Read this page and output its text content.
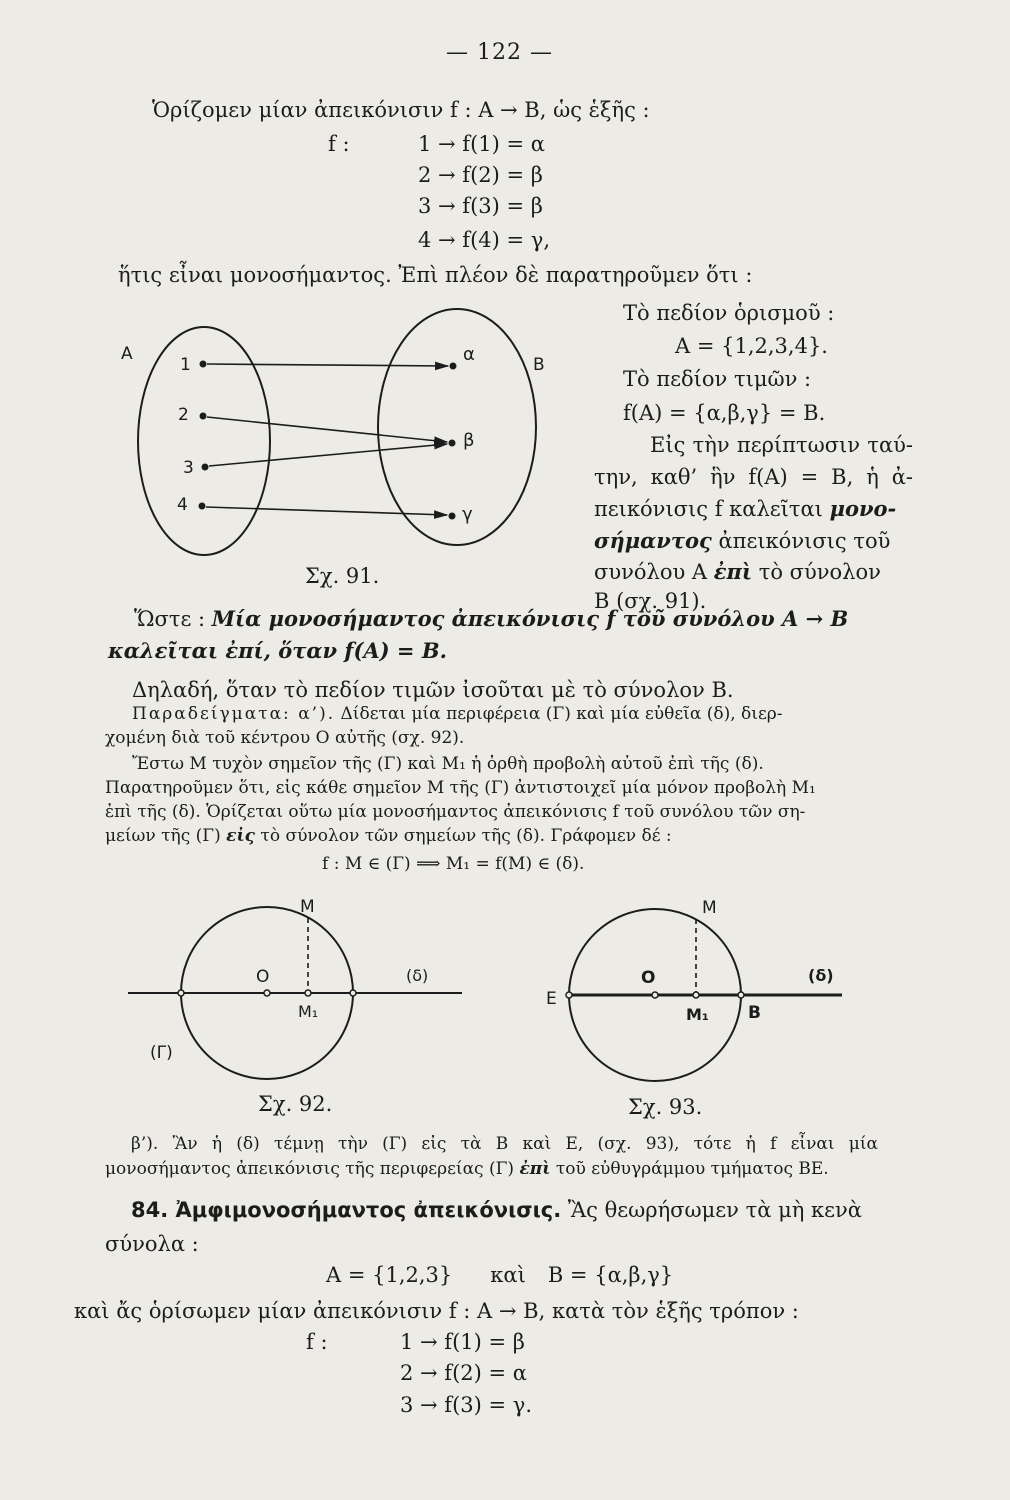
— 122 —
Ὁρίζομεν μίαν ἀπεικόνισιν f : A → B, ὡς ἑξῆς :
f :	1 → f(1) = α
2 → f(2) = β
3 → f(3) = β
4 → f(4) = γ,
ἥτις εἶναι μονοσήμαντος. Ἐπὶ πλέον δὲ παρατηροῦμεν ὅτι :
A
B
1
2
3
4
α
β
γ
Σχ. 91.
Τὸ πεδίον ὁρισμοῦ :
A = {1,2,3,4}.
Τὸ πεδίον τιμῶν :
f(A) = {α,β,γ} = B.
Εἰς τὴν περίπτωσιν ταύ-
την, καθ’ ἣν f(A) = B, ἡ ἀ-
πεικόνισις f καλεῖται μονο-
σήμαντος ἀπεικόνισις τοῦ
συνόλου A ἐπὶ τὸ σύνολον
B (σχ. 91).
Ὥστε : Μία μονοσήμαντος ἀπεικόνισις f τοῦ συνόλου A → B
καλεῖται ἐπί, ὅταν f(A) = B.
Δηλαδή, ὅταν τὸ πεδίον τιμῶν ἰσοῦται μὲ τὸ σύνολον B.
Παραδείγματα: α’). Δίδεται μία περιφέρεια (Γ) καὶ μία εὐθεῖα (δ), διερ-
χομένη διὰ τοῦ κέντρου O αὐτῆς (σχ. 92).
Ἔστω M τυχὸν σημεῖον τῆς (Γ) καὶ M₁ ἡ ὀρθὴ προβολὴ αὐτοῦ ἐπὶ τῆς (δ).
Παρατηροῦμεν ὅτι, εἰς κάθε σημεῖον M τῆς (Γ) ἀντιστοιχεῖ μία μόνον προβολὴ M₁
ἐπὶ τῆς (δ). Ὁρίζεται οὕτω μία μονοσήμαντος ἀπεικόνισις f τοῦ συνόλου τῶν ση-
μείων τῆς (Γ) εἰς τὸ σύνολον τῶν σημείων τῆς (δ). Γράφομεν δέ :
f : M ∈ (Γ) ⟹ M₁ = f(M) ∈ (δ).
M
O
M₁
(δ)
(Γ)
Σχ. 92.
M
O
M₁
(δ)
E
B
Σχ. 93.
β’). Ἂν ἡ (δ) τέμνῃ τὴν (Γ) εἰς τὰ B καὶ E, (σχ. 93), τότε ἡ f εἶναι μία
μονοσήμαντος ἀπεικόνισις τῆς περιφερείας (Γ) ἐπὶ τοῦ εὐθυγράμμου τμήματος BE.
84. Ἀμφιμονοσήμαντος ἀπεικόνισις. Ἂς θεωρήσωμεν τὰ μὴ κενὰ
σύνολα :
A = {1,2,3} καὶ B = {α,β,γ}
καὶ ἄς ὁρίσωμεν μίαν ἀπεικόνισιν f : A → B, κατὰ τὸν ἑξῆς τρόπον :
f :	1 → f(1) = β
2 → f(2) = α
3 → f(3) = γ.
